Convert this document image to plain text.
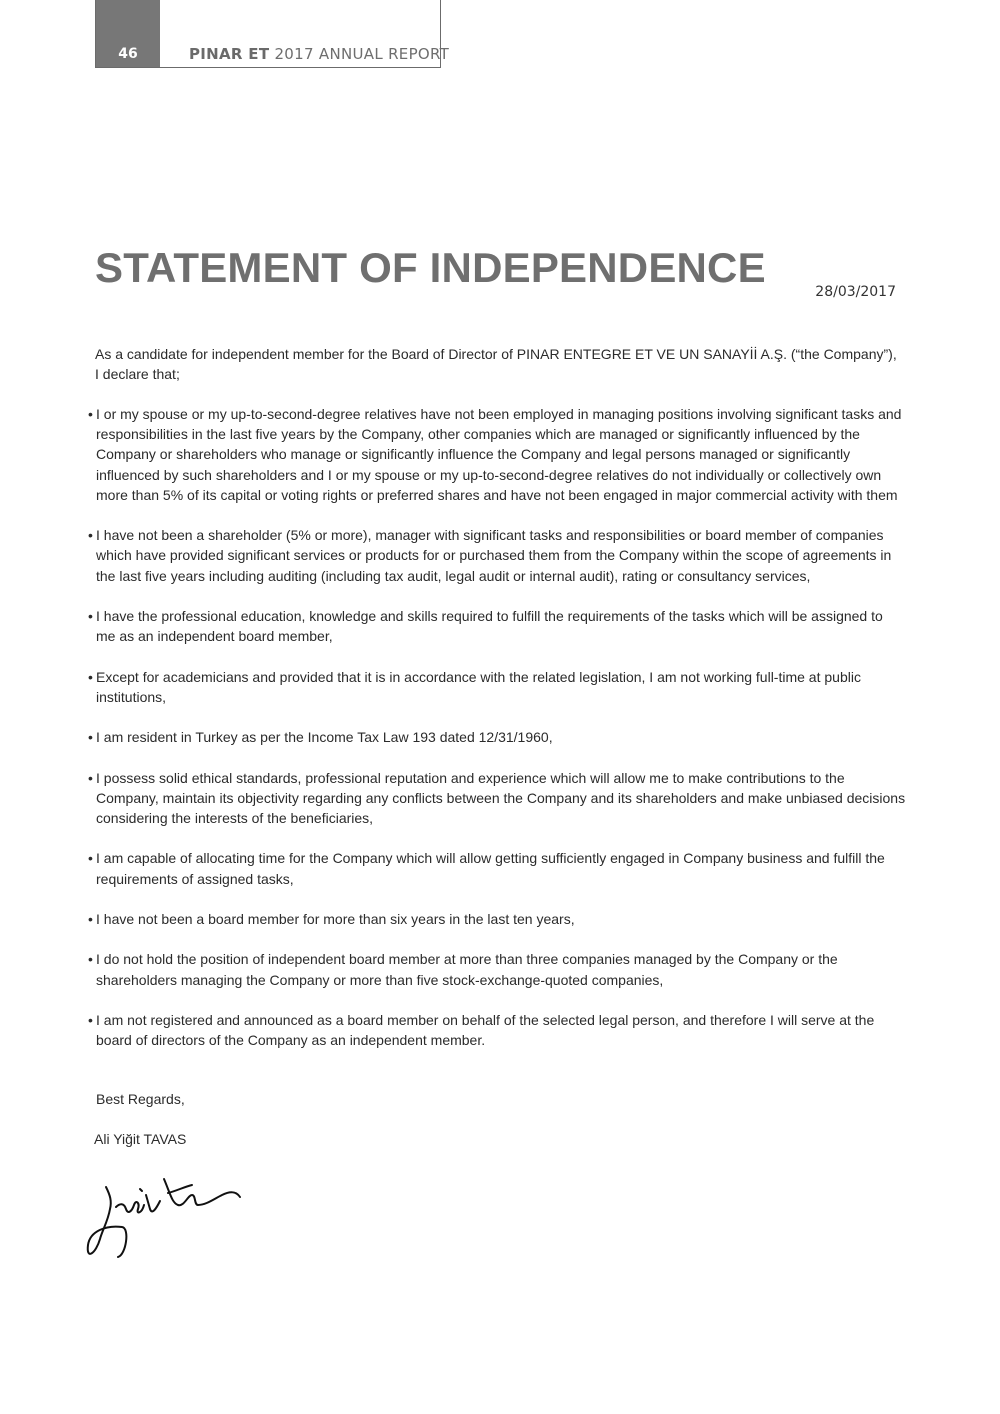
46	PINAR ET 2017 ANNUAL REPORT
STATEMENT OF INDEPENDENCE
28/03/2017
As a candidate for independent member for the Board of Director of PINAR ENTEGRE ET VE UN SANAYİİ A.Ş. (“the Company”),
I declare that;
• I or my spouse or my up-to-second-degree relatives have not been employed in managing positions involving significant tasks and responsibilities in the last five years by the Company, other companies which are managed or significantly influenced by the Company or shareholders who manage or significantly influence the Company and legal persons managed or significantly influenced by such shareholders and I or my spouse or my up-to-second-degree relatives do not individually or collectively own more than 5% of its capital or voting rights or preferred shares and have not been engaged in major commercial activity with them
• I have not been a shareholder (5% or more), manager with significant tasks and responsibilities or board member of companies which have provided significant services or products for or purchased them from the Company within the scope of agreements in the last five years including auditing (including tax audit, legal audit or internal audit), rating or consultancy services,
• I have the professional education, knowledge and skills required to fulfill the requirements of the tasks which will be assigned to me as an independent board member,
• Except for academicians and provided that it is in accordance with the related legislation, I am not working full-time at public institutions,
• I am resident in Turkey as per the Income Tax Law 193 dated 12/31/1960,
• I possess solid ethical standards, professional reputation and experience which will allow me to make contributions to the Company, maintain its objectivity regarding any conflicts between the Company and its shareholders and make unbiased decisions considering the interests of the beneficiaries,
• I am capable of allocating time for the Company which will allow getting sufficiently engaged in Company business and fulfill the requirements of assigned tasks,
• I have not been a board member for more than six years in the last ten years,
• I do not hold the position of independent board member at more than three companies managed by the Company or the shareholders managing the Company or more than five stock-exchange-quoted companies,
• I am not registered and announced as a board member on behalf of the selected legal person, and therefore I will serve at the board of directors of the Company as an independent member.
Best Regards,
Ali Yiğit TAVAS
